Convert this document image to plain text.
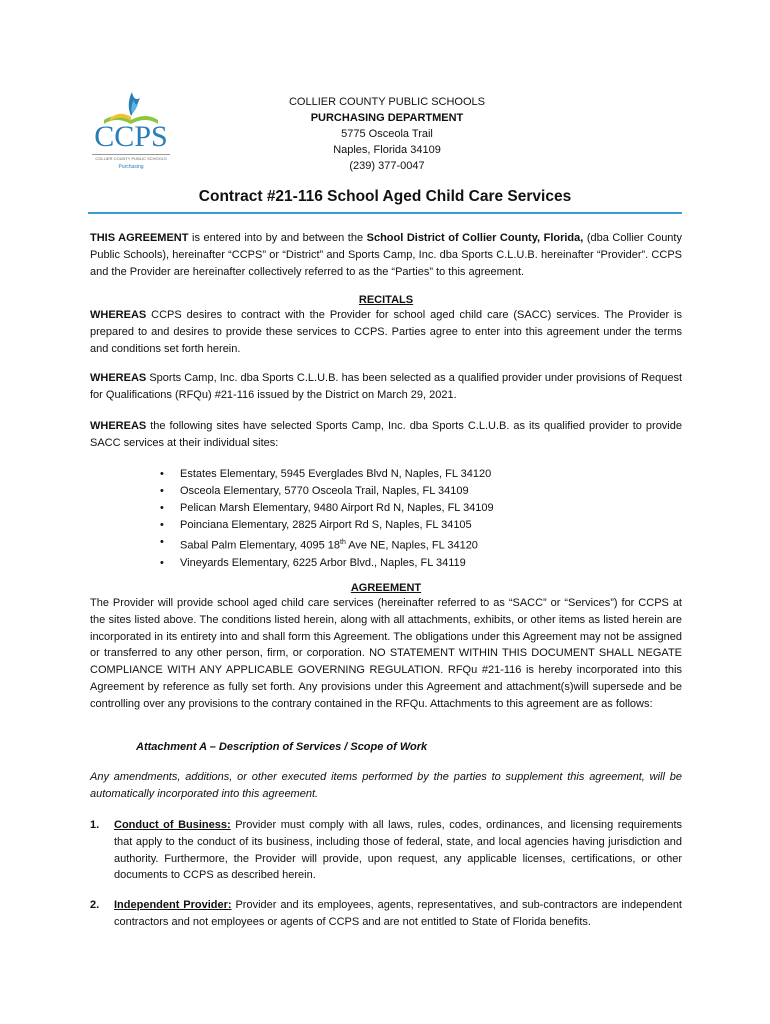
CCPS
COLLIER COUNTY PUBLIC SCHOOLS
Purchasing
COLLIER COUNTY PUBLIC SCHOOLS
PURCHASING DEPARTMENT
5775 Osceola Trail
Naples, Florida 34109
(239) 377-0047
Contract #21-116 School Aged Child Care Services
THIS AGREEMENT is entered into by and between the School District of Collier County, Florida, (dba Collier County Public Schools), hereinafter “CCPS” or “District” and Sports Camp, Inc. dba Sports C.L.U.B. hereinafter “Provider”. CCPS and the Provider are hereinafter collectively referred to as the “Parties” to this agreement.
RECITALS
WHEREAS CCPS desires to contract with the Provider for school aged child care (SACC) services. The Provider is prepared to and desires to provide these services to CCPS. Parties agree to enter into this agreement under the terms and conditions set forth herein.
WHEREAS Sports Camp, Inc. dba Sports C.L.U.B. has been selected as a qualified provider under provisions of Request for Qualifications (RFQu) #21-116 issued by the District on March 29, 2021.
WHEREAS the following sites have selected Sports Camp, Inc. dba Sports C.L.U.B. as its qualified provider to provide SACC services at their individual sites:
• Estates Elementary, 5945 Everglades Blvd N, Naples, FL 34120
• Osceola Elementary, 5770 Osceola Trail, Naples, FL 34109
• Pelican Marsh Elementary, 9480 Airport Rd N, Naples, FL 34109
• Poinciana Elementary, 2825 Airport Rd S, Naples, FL 34105
• Sabal Palm Elementary, 4095 18th Ave NE, Naples, FL 34120
• Vineyards Elementary, 6225 Arbor Blvd., Naples, FL 34119
AGREEMENT
The Provider will provide school aged child care services (hereinafter referred to as “SACC” or “Services”) for CCPS at the sites listed above. The conditions listed herein, along with all attachments, exhibits, or other items as listed herein are incorporated in its entirety into and shall form this Agreement. The obligations under this Agreement may not be assigned or transferred to any other person, firm, or corporation. NO STATEMENT WITHIN THIS DOCUMENT SHALL NEGATE COMPLIANCE WITH ANY APPLICABLE GOVERNING REGULATION. RFQu #21-116 is hereby incorporated into this Agreement by reference as fully set forth. Any provisions under this Agreement and attachment(s)will supersede and be controlling over any provisions to the contrary contained in the RFQu. Attachments to this agreement are as follows:
Attachment A – Description of Services / Scope of Work
Any amendments, additions, or other executed items performed by the parties to supplement this agreement, will be automatically incorporated into this agreement.
1. Conduct of Business: Provider must comply with all laws, rules, codes, ordinances, and licensing requirements that apply to the conduct of its business, including those of federal, state, and local agencies having jurisdiction and authority. Furthermore, the Provider will provide, upon request, any applicable licenses, certifications, or other documents to CCPS as described herein.
2. Independent Provider: Provider and its employees, agents, representatives, and sub-contractors are independent contractors and not employees or agents of CCPS and are not entitled to State of Florida benefits.
